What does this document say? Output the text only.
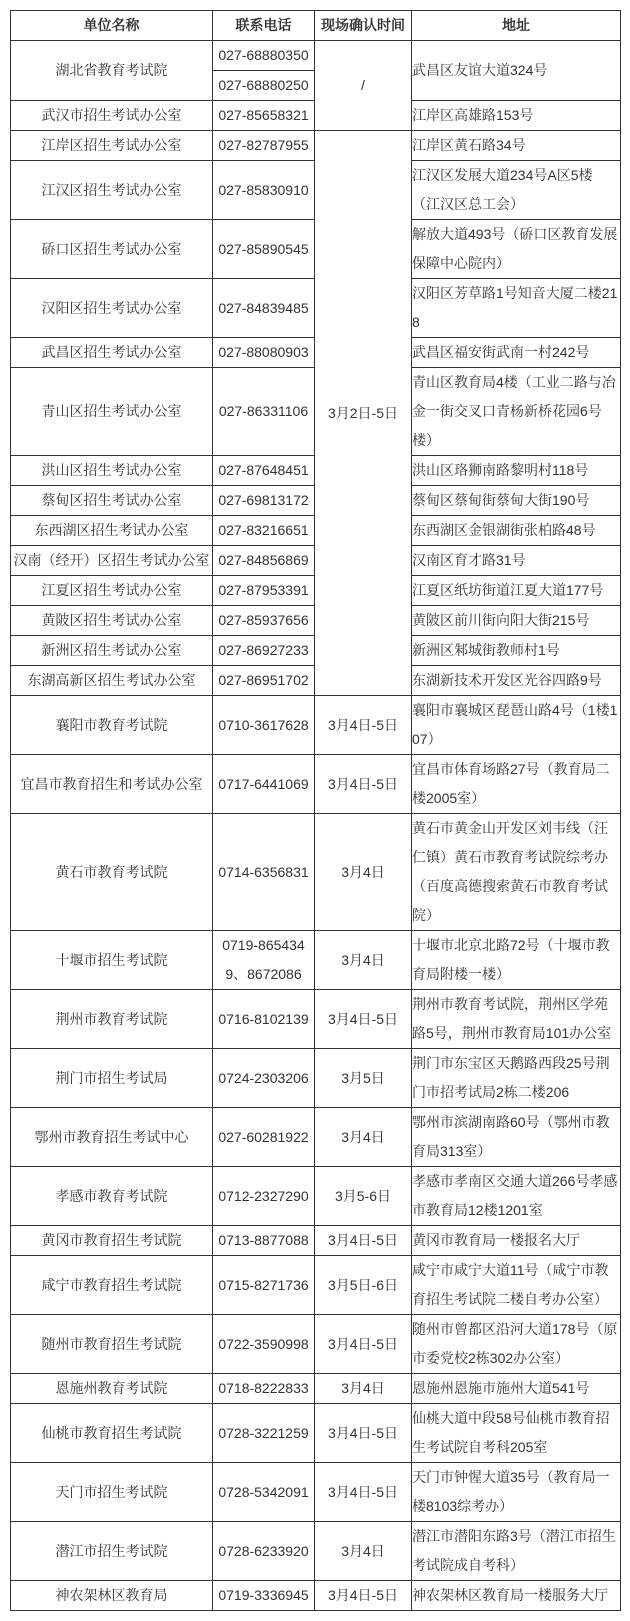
单位名称	联系电话	现场确认时间	地址
湖北省教育考试院	027-68880350	/	武昌区友谊大道324号
	027-68880250		
武汉市招生考试办公室	027-85658321		江岸区高雄路153号
江岸区招生考试办公室	027-82787955	3月2日-5日	江岸区黄石路34号
江汉区招生考试办公室	027-85830910		江汉区发展大道234号A区5楼（江汉区总工会）
硚口区招生考试办公室	027-85890545		解放大道493号（硚口区教育发展保障中心院内）
汉阳区招生考试办公室	027-84839485		汉阳区芳草路1号知音大厦二楼218
武昌区招生考试办公室	027-88080903		武昌区福安街武南一村242号
青山区招生考试办公室	027-86331106		青山区教育局4楼（工业二路与冶金一街交叉口青杨新桥花园6号楼）
洪山区招生考试办公室	027-87648451		洪山区珞狮南路黎明村118号
蔡甸区招生考试办公室	027-69813172		蔡甸区蔡甸街蔡甸大街190号
东西湖区招生考试办公室	027-83216651		东西湖区金银湖街张柏路48号
汉南（经开）区招生考试办公室	027-84856869		汉南区育才路31号
江夏区招生考试办公室	027-87953391		江夏区纸坊街道江夏大道177号
黄陂区招生考试办公室	027-85937656		黄陂区前川街向阳大街215号
新洲区招生考试办公室	027-86927233		新洲区邾城街教师村1号
东湖高新区招生考试办公室	027-86951702		东湖新技术开发区光谷四路9号
襄阳市教育考试院	0710-3617628	3月4日-5日	襄阳市襄城区琵琶山路4号（1楼107）
宜昌市教育招生和考试办公室	0717-6441069	3月4日-5日	宜昌市体育场路27号（教育局二楼2005室）
黄石市教育考试院	0714-6356831	3月4日	黄石市黄金山开发区刘韦线（汪仁镇）黄石市教育考试院综考办（百度高德搜索黄石市教育考试院）
十堰市招生考试院	0719-8654349、8672086	3月4日	十堰市北京北路72号（十堰市教育局附楼一楼）
荆州市教育考试院	0716-8102139	3月4日-5日	荆州市教育考试院，荆州区学苑路5号，荆州市教育局101办公室
荆门市招生考试局	0724-2303206	3月5日	荆门市东宝区天鹅路西段25号荆门市招考试局2栋二楼206
鄂州市教育招生考试中心	027-60281922	3月4日	鄂州市滨湖南路60号（鄂州市教育局313室）
孝感市教育考试院	0712-2327290	3月5-6日	孝感市孝南区交通大道266号孝感市教育局12楼1201室
黄冈市教育招生考试院	0713-8877088	3月4日-5日	黄冈市教育局一楼报名大厅
咸宁市教育招生考试院	0715-8271736	3月5日-6日	咸宁市咸宁大道11号（咸宁市教育招生考试院二楼自考办公室）
随州市教育招生考试院	0722-3590998	3月4日-5日	随州市曾都区沿河大道178号（原市委党校2栋302办公室）
恩施州教育考试院	0718-8222833	3月4日	恩施州恩施市施州大道541号
仙桃市教育招生考试院	0728-3221259	3月4日-5日	仙桃大道中段58号仙桃市教育招生考试院自考科205室
天门市招生考试院	0728-5342091	3月4日-5日	天门市钟惺大道35号（教育局一楼8103综考办）
潜江市招生考试院	0728-6233920	3月4日	潜江市潜阳东路3号（潜江市招生考试院成自考科）
神农架林区教育局	0719-3336945	3月4日-5日	神农架林区教育局一楼服务大厅
